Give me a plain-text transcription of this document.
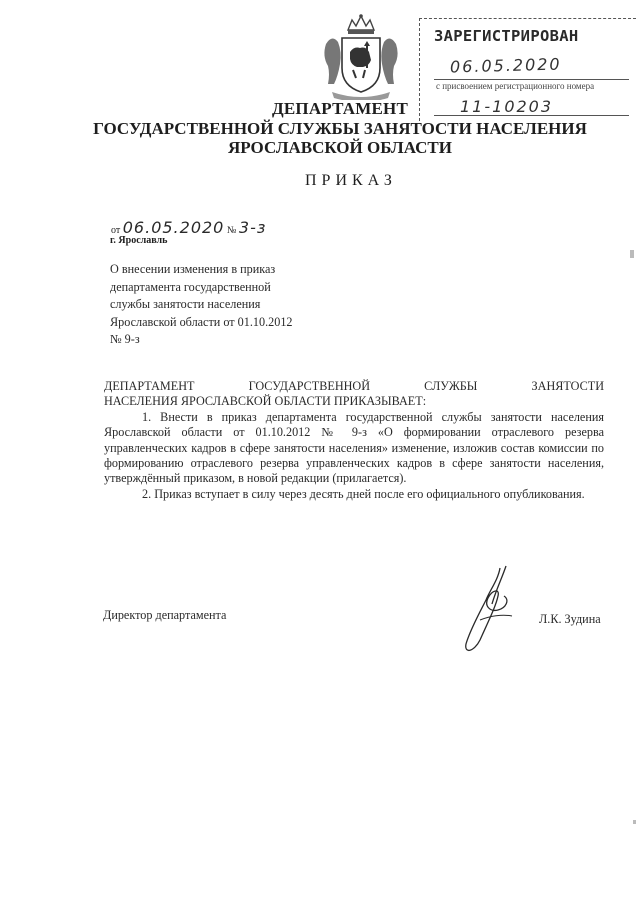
ЗАРЕГИСТРИРОВАН
06.05.2020
с присвоением регистрационного номера
11-10203
ДЕПАРТАМЕНТ
ГОСУДАРСТВЕННОЙ СЛУЖБЫ ЗАНЯТОСТИ НАСЕЛЕНИЯ
ЯРОСЛАВСКОЙ ОБЛАСТИ
ПРИКАЗ
от 06.05.2020 № 3-з
г. Ярославль
О внесении изменения в приказ
департамента государственной
службы занятости населения
Ярославской области от 01.10.2012
№ 9-з
ДЕПАРТАМЕНТ ГОСУДАРСТВЕННОЙ СЛУЖБЫ ЗАНЯТОСТИ
НАСЕЛЕНИЯ ЯРОСЛАВСКОЙ ОБЛАСТИ ПРИКАЗЫВАЕТ:
1. Внести в приказ департамента государственной службы занятости населения Ярославской области от 01.10.2012 № 9-з «О формировании отраслевого резерва управленческих кадров в сфере занятости населения» изменение, изложив состав комиссии по формированию отраслевого резерва управленческих кадров в сфере занятости населения, утверждённый приказом, в новой редакции (прилагается).
2. Приказ вступает в силу через десять дней после его официального опубликования.
Директор департамента	Л.К. Зудина
